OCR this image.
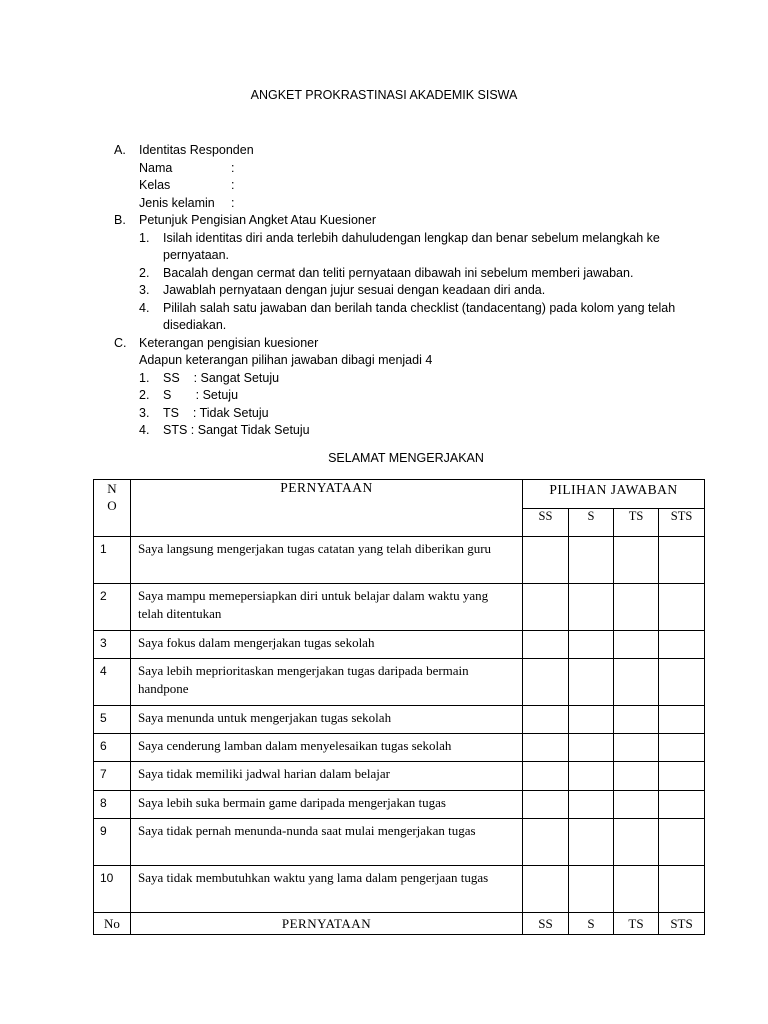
ANGKET PROKRASTINASI AKADEMIK SISWA
A.	Identitas Responden
Nama	:
Kelas	:
Jenis kelamin	:
B.	Petunjuk Pengisian Angket Atau Kuesioner
1.	Isilah identitas diri anda terlebih dahuludengan lengkap dan benar sebelum melangkah ke pernyataan.
2.	Bacalah dengan cermat dan teliti pernyataan dibawah ini sebelum memberi jawaban.
3.	Jawablah pernyataan dengan jujur sesuai dengan keadaan diri anda.
4.	Pililah salah satu jawaban dan berilah tanda checklist (tandacentang) pada kolom yang telah disediakan.
C.	Keterangan pengisian kuesioner
Adapun keterangan pilihan jawaban dibagi menjadi 4
1.	SS    : Sangat Setuju
2.	S       : Setuju
3.	TS    : Tidak Setuju
4.	STS : Sangat Tidak Setuju
SELAMAT MENGERJAKAN
N
O	PERNYATAAN	PILIHAN JAWABAN			
		SS	S	TS	STS
1	Saya langsung mengerjakan tugas catatan yang telah diberikan guru				
2	Saya mampu memepersiapkan diri untuk belajar dalam waktu yang telah ditentukan				
3	Saya fokus dalam mengerjakan tugas sekolah				
4	Saya lebih meprioritaskan mengerjakan tugas daripada bermain handpone				
5	Saya menunda untuk mengerjakan tugas sekolah				
6	Saya cenderung lamban dalam menyelesaikan tugas sekolah				
7	Saya tidak memiliki jadwal harian dalam belajar				
8	Saya lebih suka bermain game daripada mengerjakan tugas				
9	Saya tidak pernah menunda-nunda saat mulai mengerjakan tugas				
10	Saya tidak membutuhkan waktu yang lama dalam pengerjaan tugas				
No	PERNYATAAN	SS	S	TS	STS
